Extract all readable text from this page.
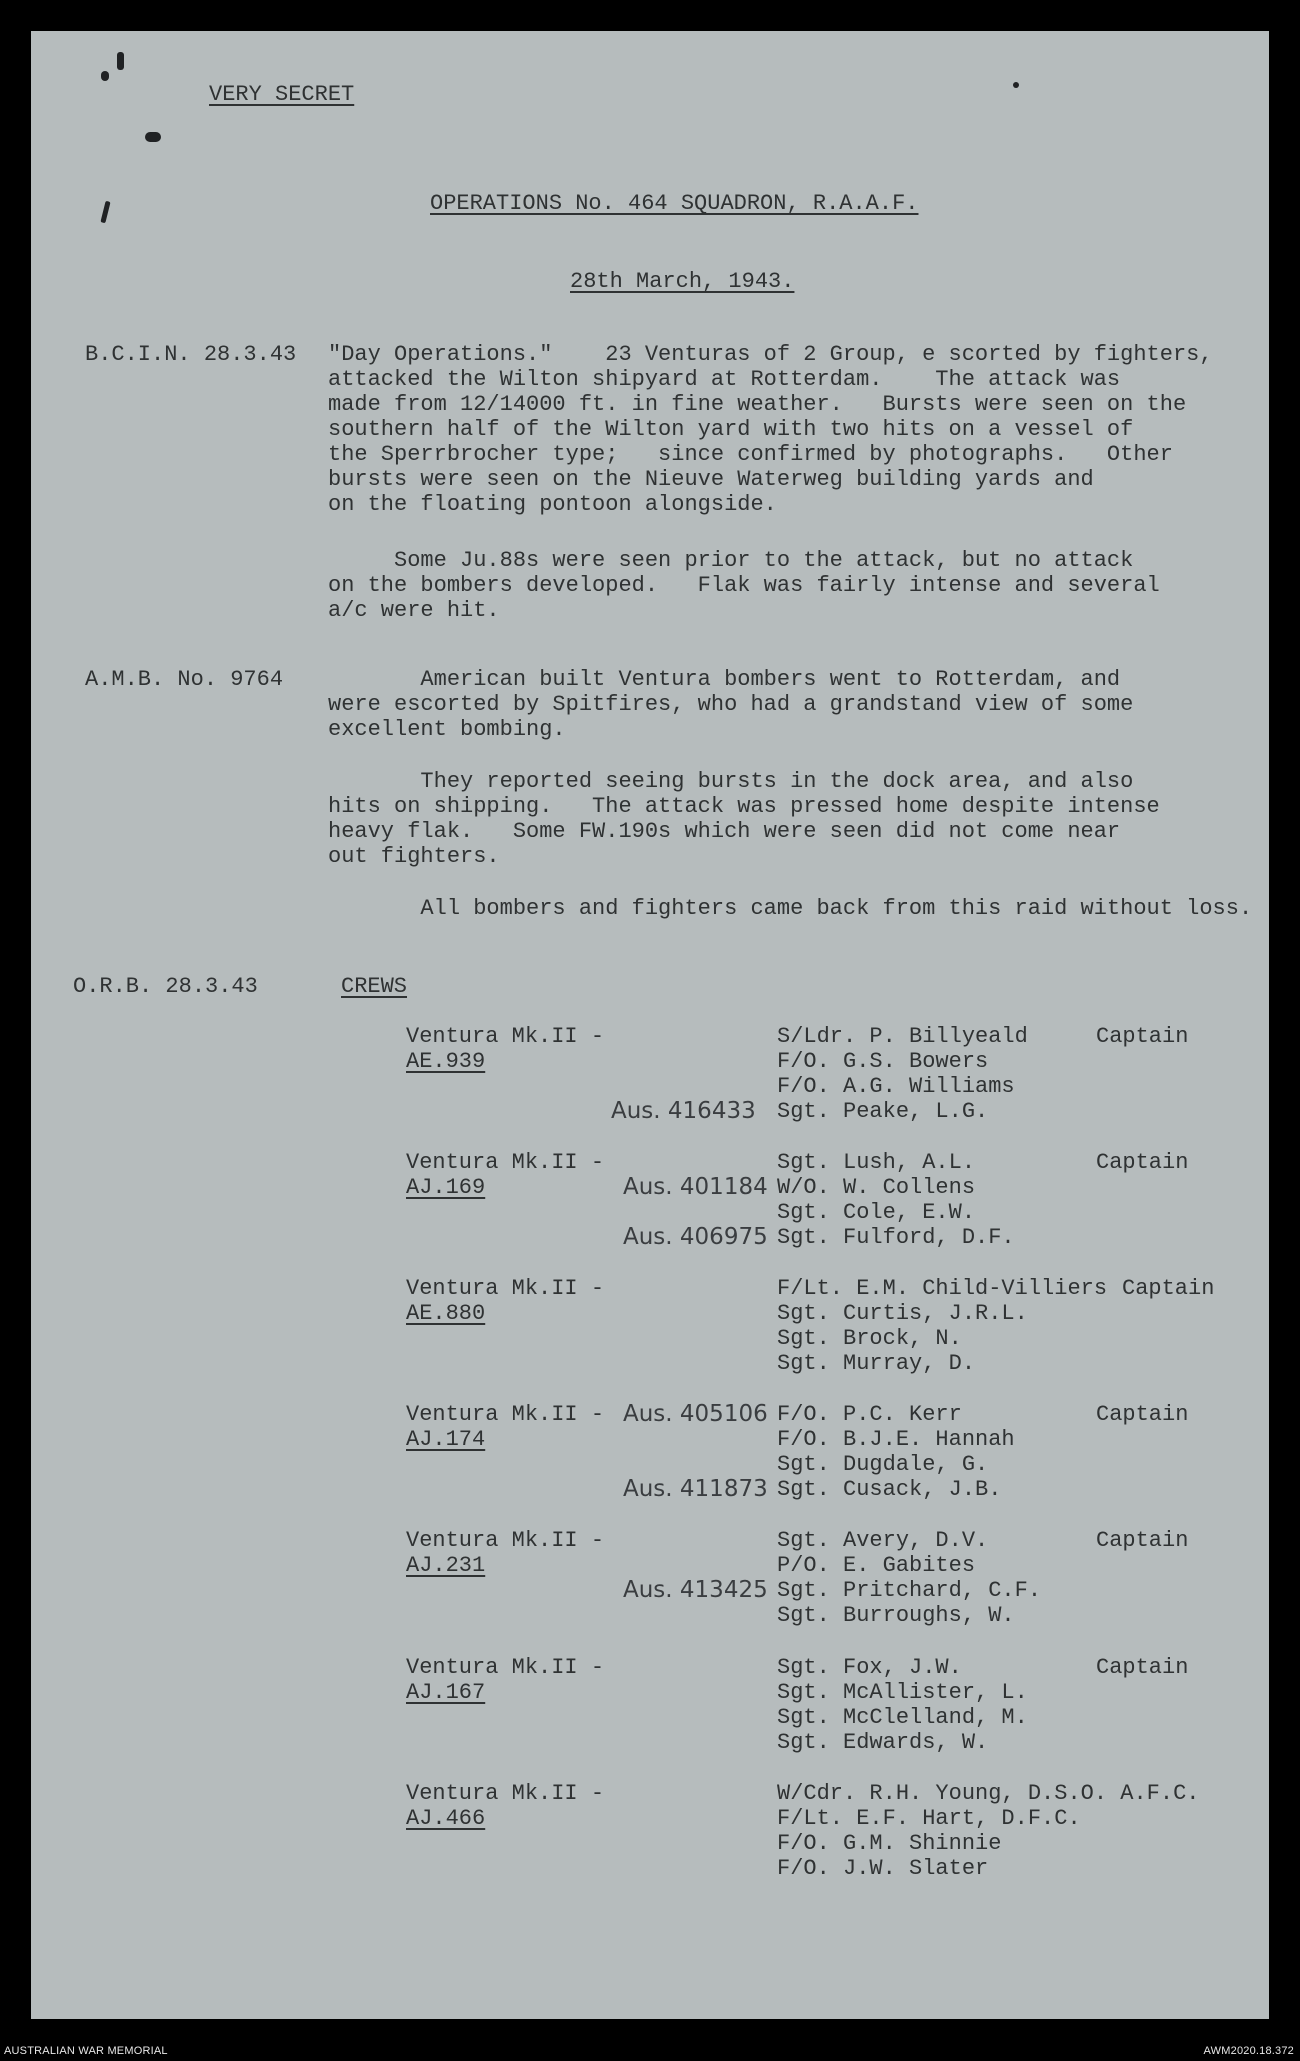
VERY SECRET
OPERATIONS No. 464 SQUADRON, R.A.A.F.
28th March, 1943.
B.C.I.N. 28.3.43 "Day Operations."    23 Venturas of 2 Group, e scorted by fighters,
attacked the Wilton shipyard at Rotterdam.    The attack was
made from 12/14000 ft. in fine weather.   Bursts were seen on the
southern half of the Wilton yard with two hits on a vessel of
the Sperrbrocher type;   since confirmed by photographs.   Other
bursts were seen on the Nieuve Waterweg building yards and
on the floating pontoon alongside.
Some Ju.88s were seen prior to the attack, but no attack
on the bombers developed.   Flak was fairly intense and several
a/c were hit.
A.M.B. No. 9764 American built Ventura bombers went to Rotterdam, and
were escorted by Spitfires, who had a grandstand view of some
excellent bombing.
They reported seeing bursts in the dock area, and also
hits on shipping.   The attack was pressed home despite intense
heavy flak.   Some FW.190s which were seen did not come near
out fighters.
All bombers and fighters came back from this raid without loss.
O.R.B. 28.3.43	CREWS
Ventura Mk.II -
AE.939
S/Ldr. P. Billyeald	Captain
F/O. G.S. Bowers
F/O. A.G. Williams
Aus. 416433 Sgt. Peake, L.G.
Ventura Mk.II -
AJ.169
Sgt. Lush, A.L.	Captain
Aus. 401184 W/O. W. Collens
Sgt. Cole, E.W.
Aus. 406975 Sgt. Fulford, D.F.
Ventura Mk.II -
AE.880
F/Lt. E.M. Child-Villiers Captain
Sgt. Curtis, J.R.L.
Sgt. Brock, N.
Sgt. Murray, D.
Ventura Mk.II -
AJ.174
Aus. 405106 F/O. P.C. Kerr	Captain
F/O. B.J.E. Hannah
Sgt. Dugdale, G.
Aus. 411873 Sgt. Cusack, J.B.
Ventura Mk.II -
AJ.231
Sgt. Avery, D.V.	Captain
P/O. E. Gabites
Aus. 413425 Sgt. Pritchard, C.F.
Sgt. Burroughs, W.
Ventura Mk.II -
AJ.167
Sgt. Fox, J.W.	Captain
Sgt. McAllister, L.
Sgt. McClelland, M.
Sgt. Edwards, W.
Ventura Mk.II -
AJ.466
W/Cdr. R.H. Young, D.S.O. A.F.C.
F/Lt. E.F. Hart, D.F.C.
F/O. G.M. Shinnie
F/O. J.W. Slater
AUSTRALIAN WAR MEMORIAL	AWM2020.18.372
